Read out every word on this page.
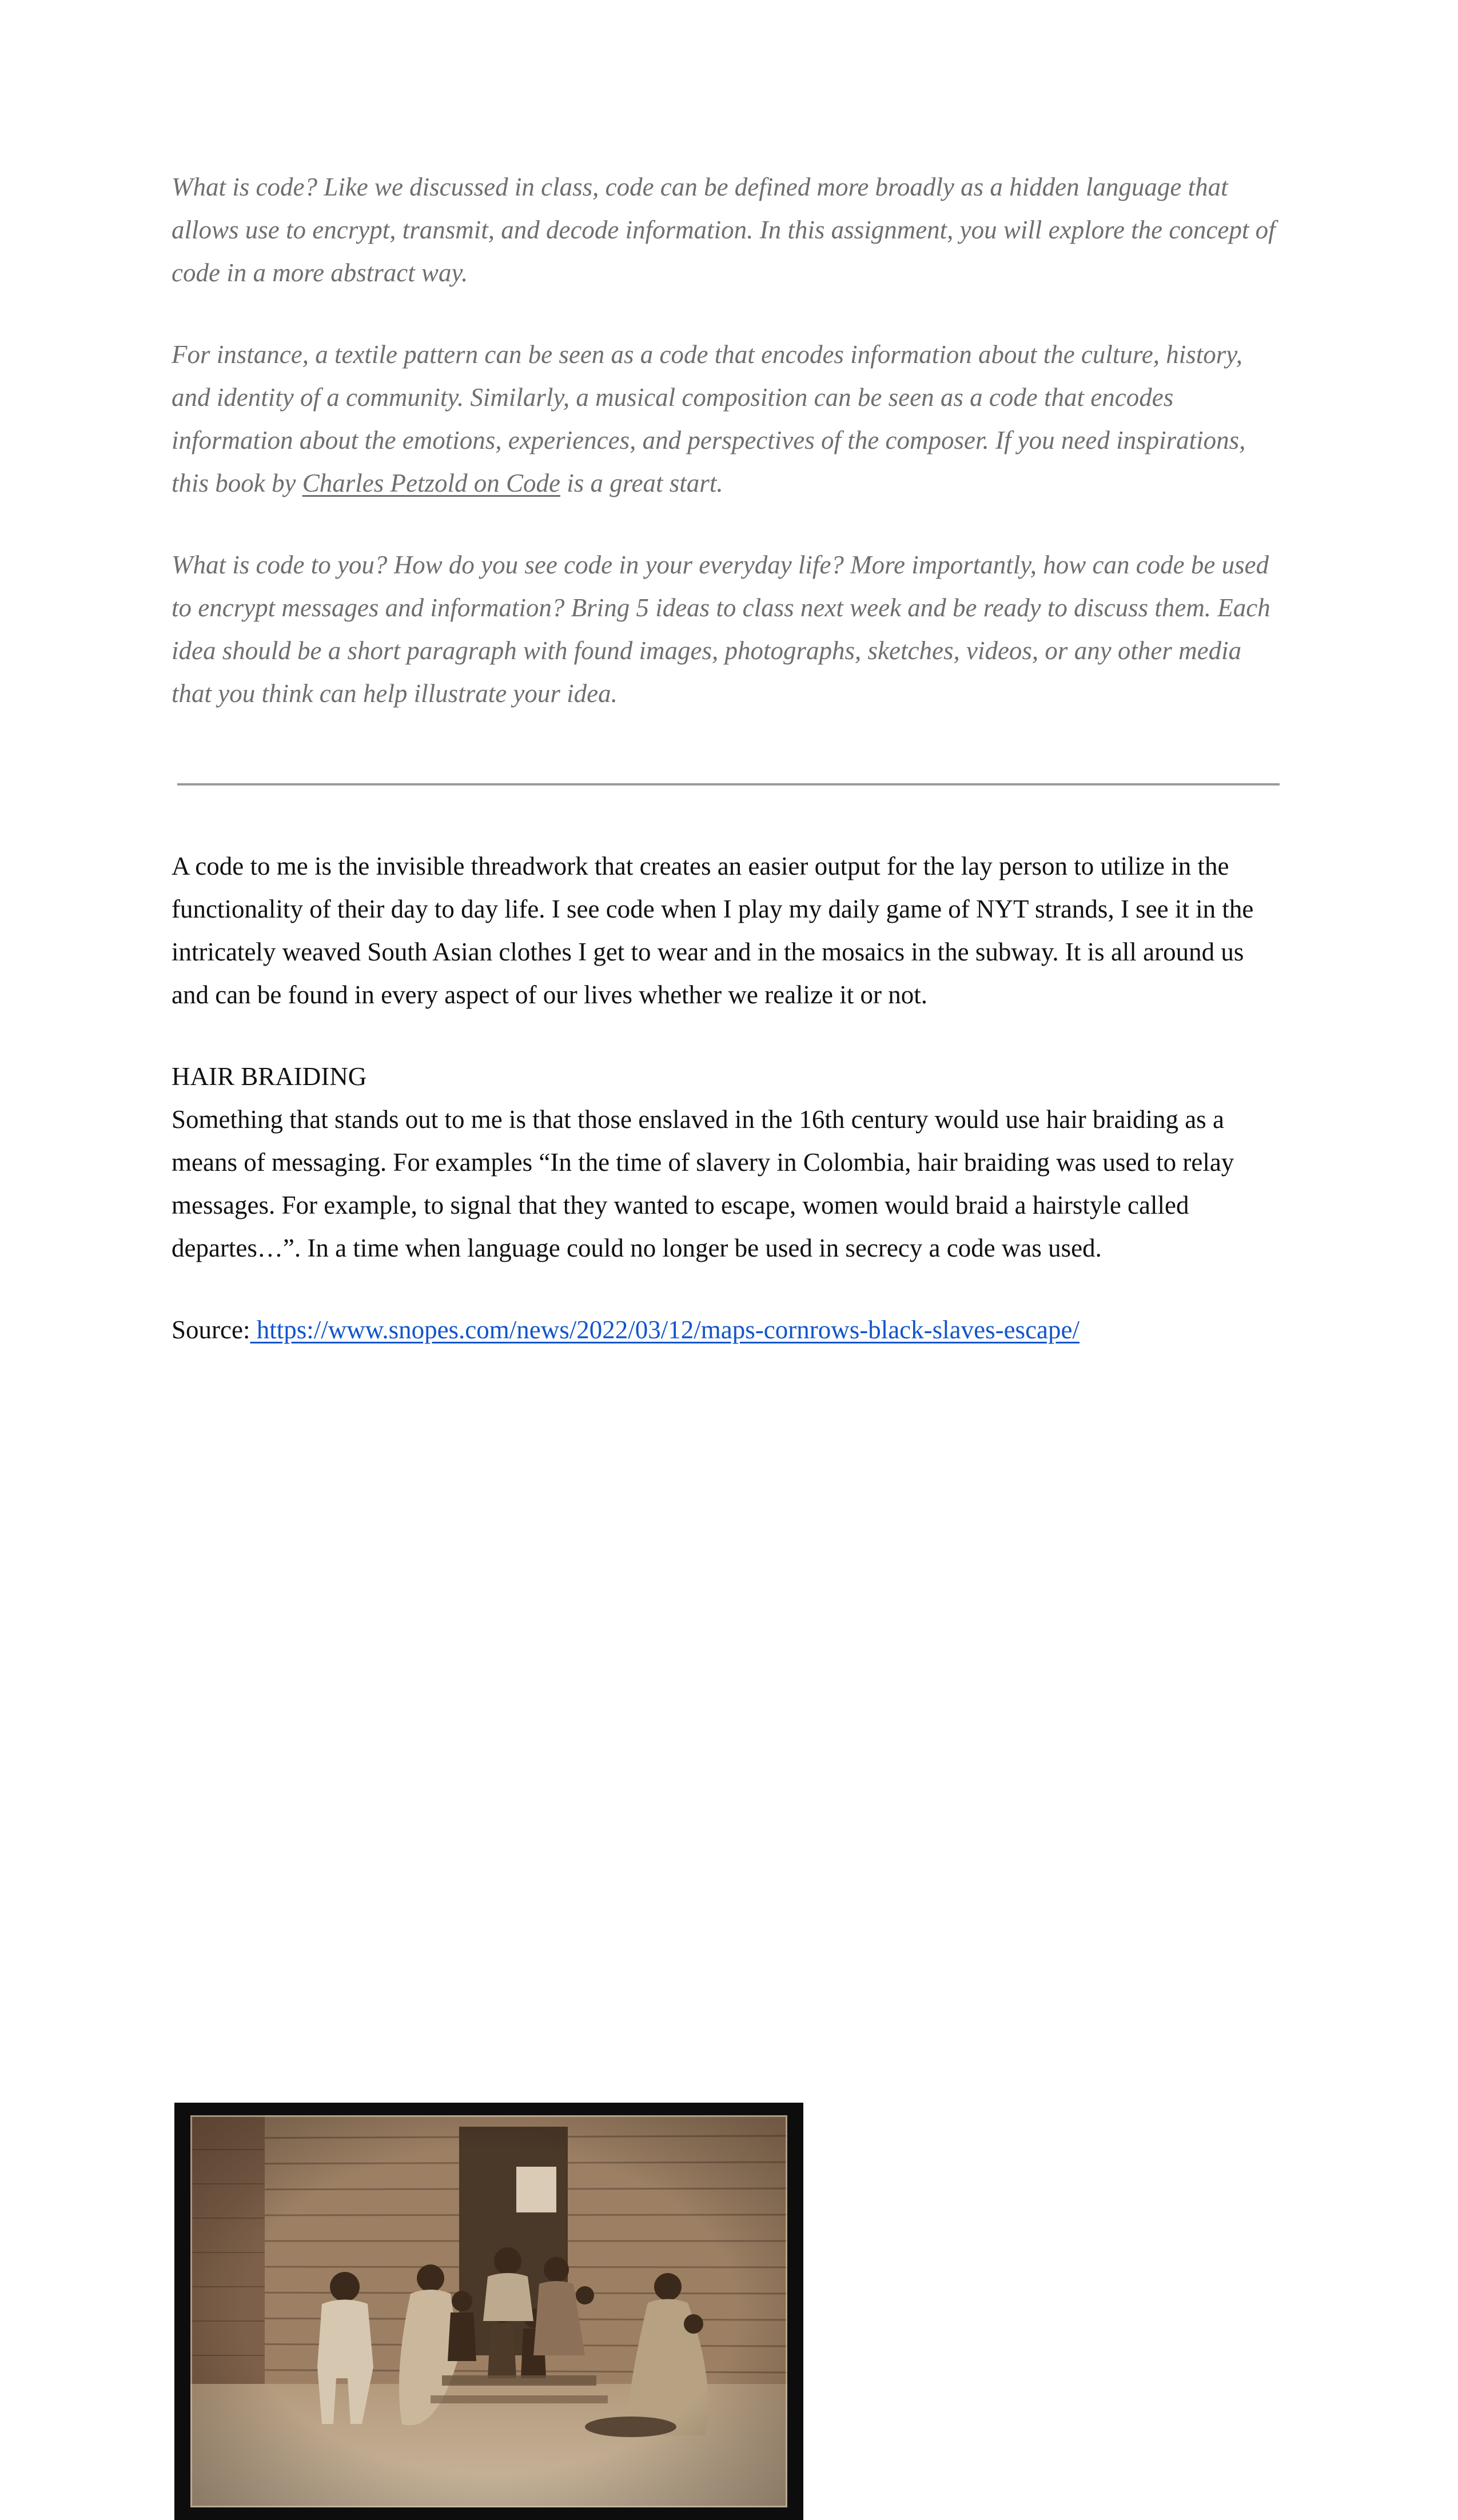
What is code? Like we discussed in class, code can be defined more broadly as a hidden language that allows use to encrypt, transmit, and decode information. In this assignment, you will explore the concept of code in a more abstract way.

For instance, a textile pattern can be seen as a code that encodes information about the culture, history, and identity of a community. Similarly, a musical composition can be seen as a code that encodes information about the emotions, experiences, and perspectives of the composer. If you need inspirations, this book by Charles Petzold on Code is a great start.

What is code to you? How do you see code in your everyday life? More importantly, how can code be used to encrypt messages and information? Bring 5 ideas to class next week and be ready to discuss them. Each idea should be a short paragraph with found images, photographs, sketches, videos, or any other media that you think can help illustrate your idea.

A code to me is the invisible threadwork that creates an easier output for the lay person to utilize in the functionality of their day to day life. I see code when I play my daily game of NYT strands, I see it in the intricately weaved South Asian clothes I get to wear and in the mosaics in the subway. It is all around us and can be found in every aspect of our lives whether we realize it or not.

HAIR BRAIDING

Something that stands out to me is that those enslaved in the 16th century would use hair braiding as a means of messaging. For examples “In the time of slavery in Colombia, hair braiding was used to relay messages. For example, to signal that they wanted to escape, women would braid a hairstyle called departes…”. In a time when language could no longer be used in secrecy a code was used.

Source: https://www.snopes.com/news/2022/03/12/maps-cornrows-black-slaves-escape/
